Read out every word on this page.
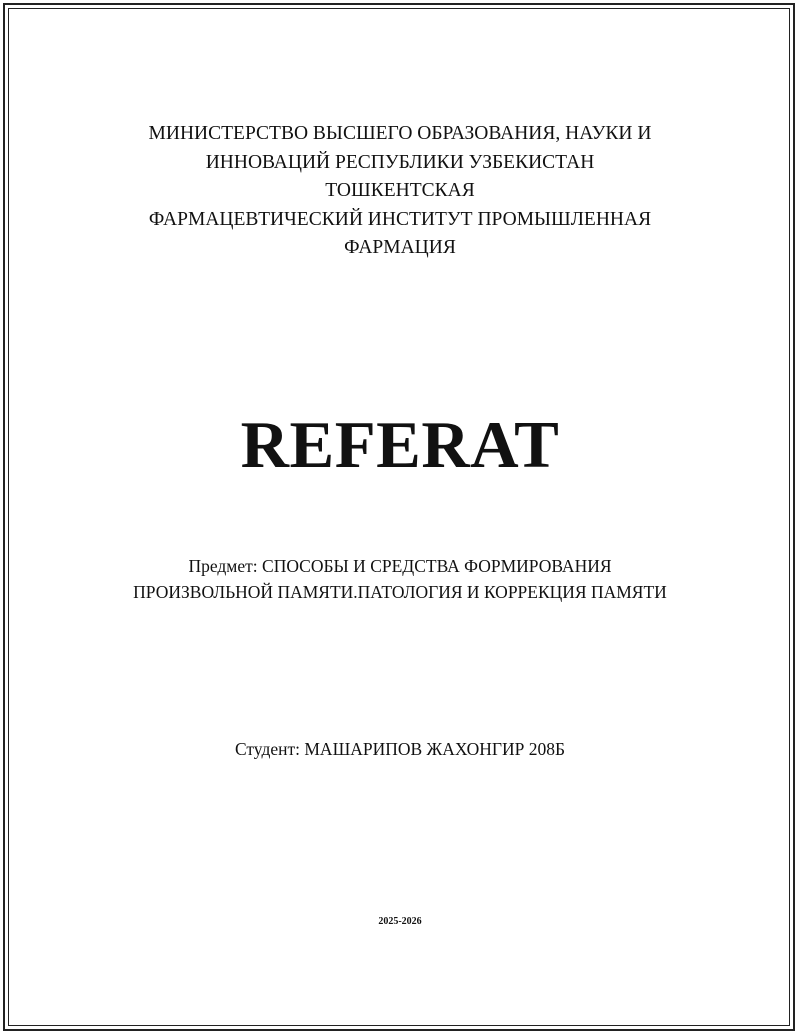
МИНИСТЕРСТВО ВЫСШЕГО ОБРАЗОВАНИЯ, НАУКИ И
ИННОВАЦИЙ РЕСПУБЛИКИ УЗБЕКИСТАН
ТОШКЕНТСКАЯ
ФАРМАЦЕВТИЧЕСКИЙ ИНСТИТУТ ПРОМЫШЛЕННАЯ
ФАРМАЦИЯ
REFERAT
Предмет: СПОСОБЫ И СРЕДСТВА ФОРМИРОВАНИЯ
ПРОИЗВОЛЬНОЙ ПАМЯТИ.ПАТОЛОГИЯ И КОРРЕКЦИЯ ПАМЯТИ
Студент: МАШАРИПОВ ЖАХОНГИР 208Б
2025-2026
